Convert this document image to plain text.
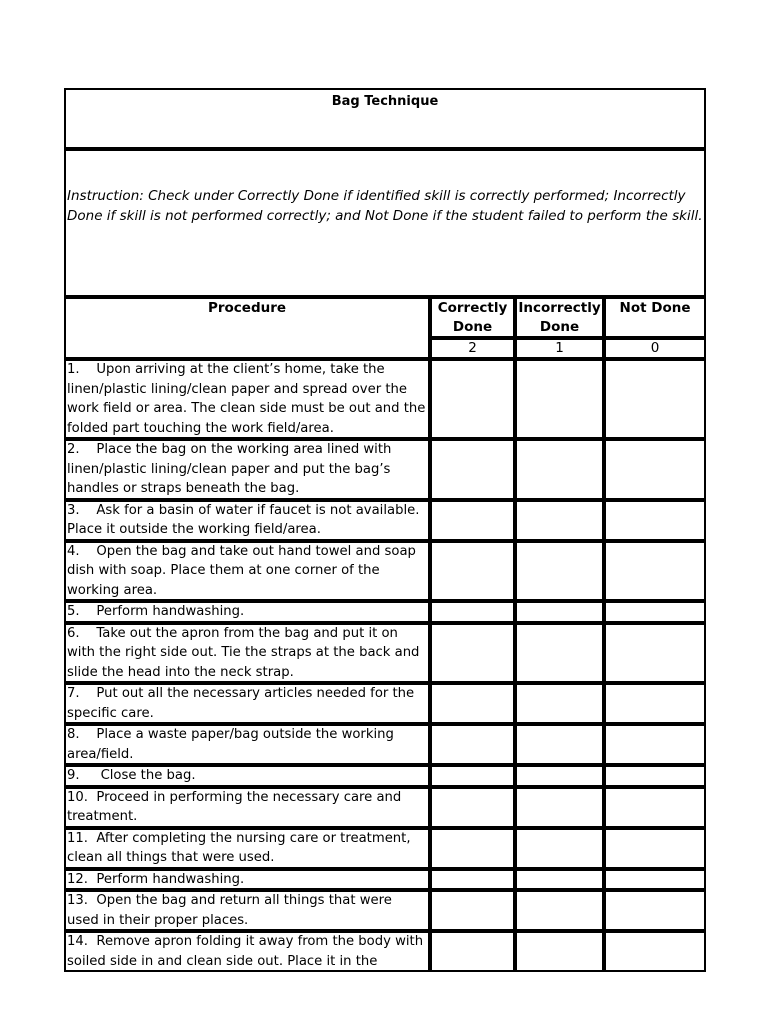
Bag Technique			
Instruction: Check under Correctly Done if identified skill is correctly performed; Incorrectly Done if skill is not performed correctly; and Not Done if the student failed to perform the skill.			
Procedure	Correctly Done	Incorrectly Done	Not Done
	2	1	0
1. Upon arriving at the client’s home, take the linen/plastic lining/clean paper and spread over the work field or area. The clean side must be out and the folded part touching the work field/area.			
2. Place the bag on the working area lined with linen/plastic lining/clean paper and put the bag’s handles or straps beneath the bag.			
3. Ask for a basin of water if faucet is not available. Place it outside the working field/area.			
4. Open the bag and take out hand towel and soap dish with soap. Place them at one corner of the working area.			
5. Perform handwashing.			
6. Take out the apron from the bag and put it on with the right side out. Tie the straps at the back and slide the head into the neck strap.			
7. Put out all the necessary articles needed for the specific care.			
8. Place a waste paper/bag outside the working area/field.			
9. Close the bag.			
10. Proceed in performing the necessary care and treatment.			
11. After completing the nursing care or treatment, clean all things that were used.			
12. Perform handwashing.			
13. Open the bag and return all things that were used in their proper places.			
14. Remove apron folding it away from the body with soiled side in and clean side out. Place it in the			
